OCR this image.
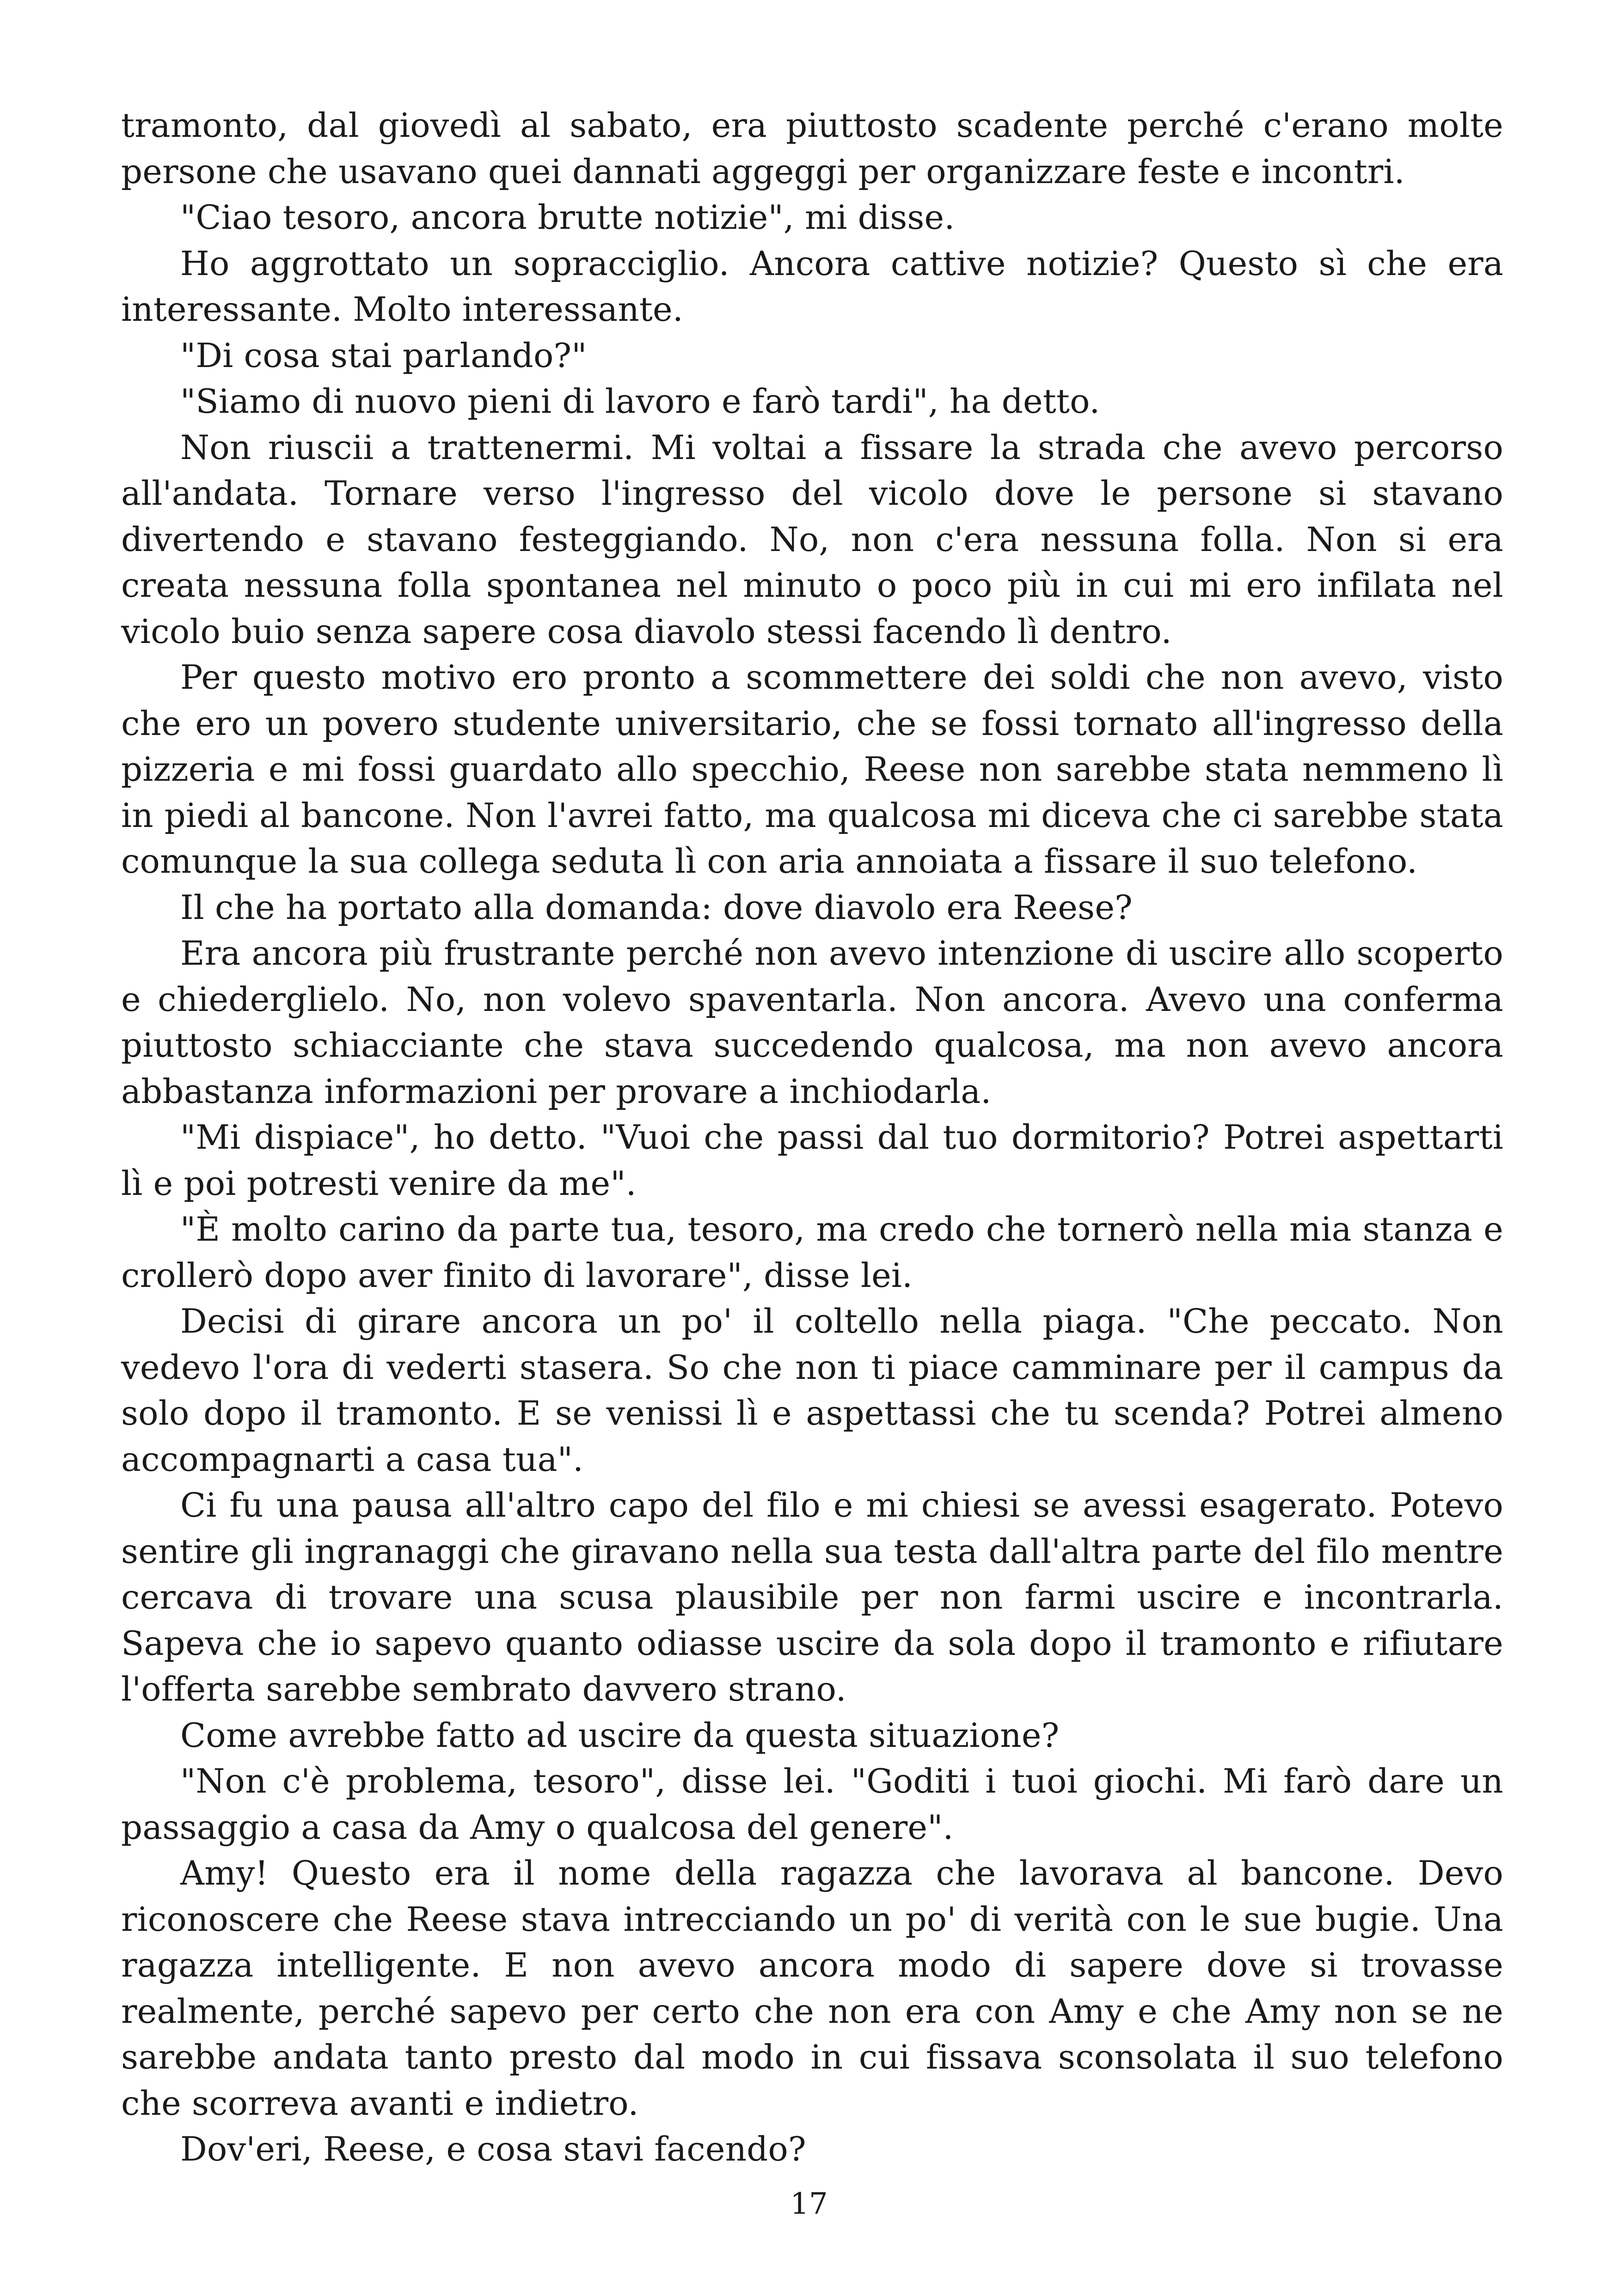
tramonto, dal giovedì al sabato, era piuttosto scadente perché c'erano molte persone che usavano quei dannati aggeggi per organizzare feste e incontri.

"Ciao tesoro, ancora brutte notizie", mi disse.

Ho aggrottato un sopracciglio. Ancora cattive notizie? Questo sì che era interessante. Molto interessante.

"Di cosa stai parlando?"

"Siamo di nuovo pieni di lavoro e farò tardi", ha detto.

Non riuscii a trattenermi. Mi voltai a fissare la strada che avevo percorso all'andata. Tornare verso l'ingresso del vicolo dove le persone si stavano divertendo e stavano festeggiando. No, non c'era nessuna folla. Non si era creata nessuna folla spontanea nel minuto o poco più in cui mi ero infilata nel vicolo buio senza sapere cosa diavolo stessi facendo lì dentro.

Per questo motivo ero pronto a scommettere dei soldi che non avevo, visto che ero un povero studente universitario, che se fossi tornato all'ingresso della pizzeria e mi fossi guardato allo specchio, Reese non sarebbe stata nemmeno lì in piedi al bancone. Non l'avrei fatto, ma qualcosa mi diceva che ci sarebbe stata comunque la sua collega seduta lì con aria annoiata a fissare il suo telefono.

Il che ha portato alla domanda: dove diavolo era Reese?

Era ancora più frustrante perché non avevo intenzione di uscire allo scoperto e chiederglielo. No, non volevo spaventarla. Non ancora. Avevo una conferma piuttosto schiacciante che stava succedendo qualcosa, ma non avevo ancora abbastanza informazioni per provare a inchiodarla.

"Mi dispiace", ho detto. "Vuoi che passi dal tuo dormitorio? Potrei aspettarti lì e poi potresti venire da me".

"È molto carino da parte tua, tesoro, ma credo che tornerò nella mia stanza e crollerò dopo aver finito di lavorare", disse lei.

Decisi di girare ancora un po' il coltello nella piaga. "Che peccato. Non vedevo l'ora di vederti stasera. So che non ti piace camminare per il campus da solo dopo il tramonto. E se venissi lì e aspettassi che tu scenda? Potrei almeno accompagnarti a casa tua".

Ci fu una pausa all'altro capo del filo e mi chiesi se avessi esagerato. Potevo sentire gli ingranaggi che giravano nella sua testa dall'altra parte del filo mentre cercava di trovare una scusa plausibile per non farmi uscire e incontrarla. Sapeva che io sapevo quanto odiasse uscire da sola dopo il tramonto e rifiutare l'offerta sarebbe sembrato davvero strano.

Come avrebbe fatto ad uscire da questa situazione?

"Non c'è problema, tesoro", disse lei. "Goditi i tuoi giochi. Mi farò dare un passaggio a casa da Amy o qualcosa del genere".

Amy! Questo era il nome della ragazza che lavorava al bancone. Devo riconoscere che Reese stava intrecciando un po' di verità con le sue bugie. Una ragazza intelligente. E non avevo ancora modo di sapere dove si trovasse realmente, perché sapevo per certo che non era con Amy e che Amy non se ne sarebbe andata tanto presto dal modo in cui fissava sconsolata il suo telefono che scorreva avanti e indietro.

Dov'eri, Reese, e cosa stavi facendo?

17
